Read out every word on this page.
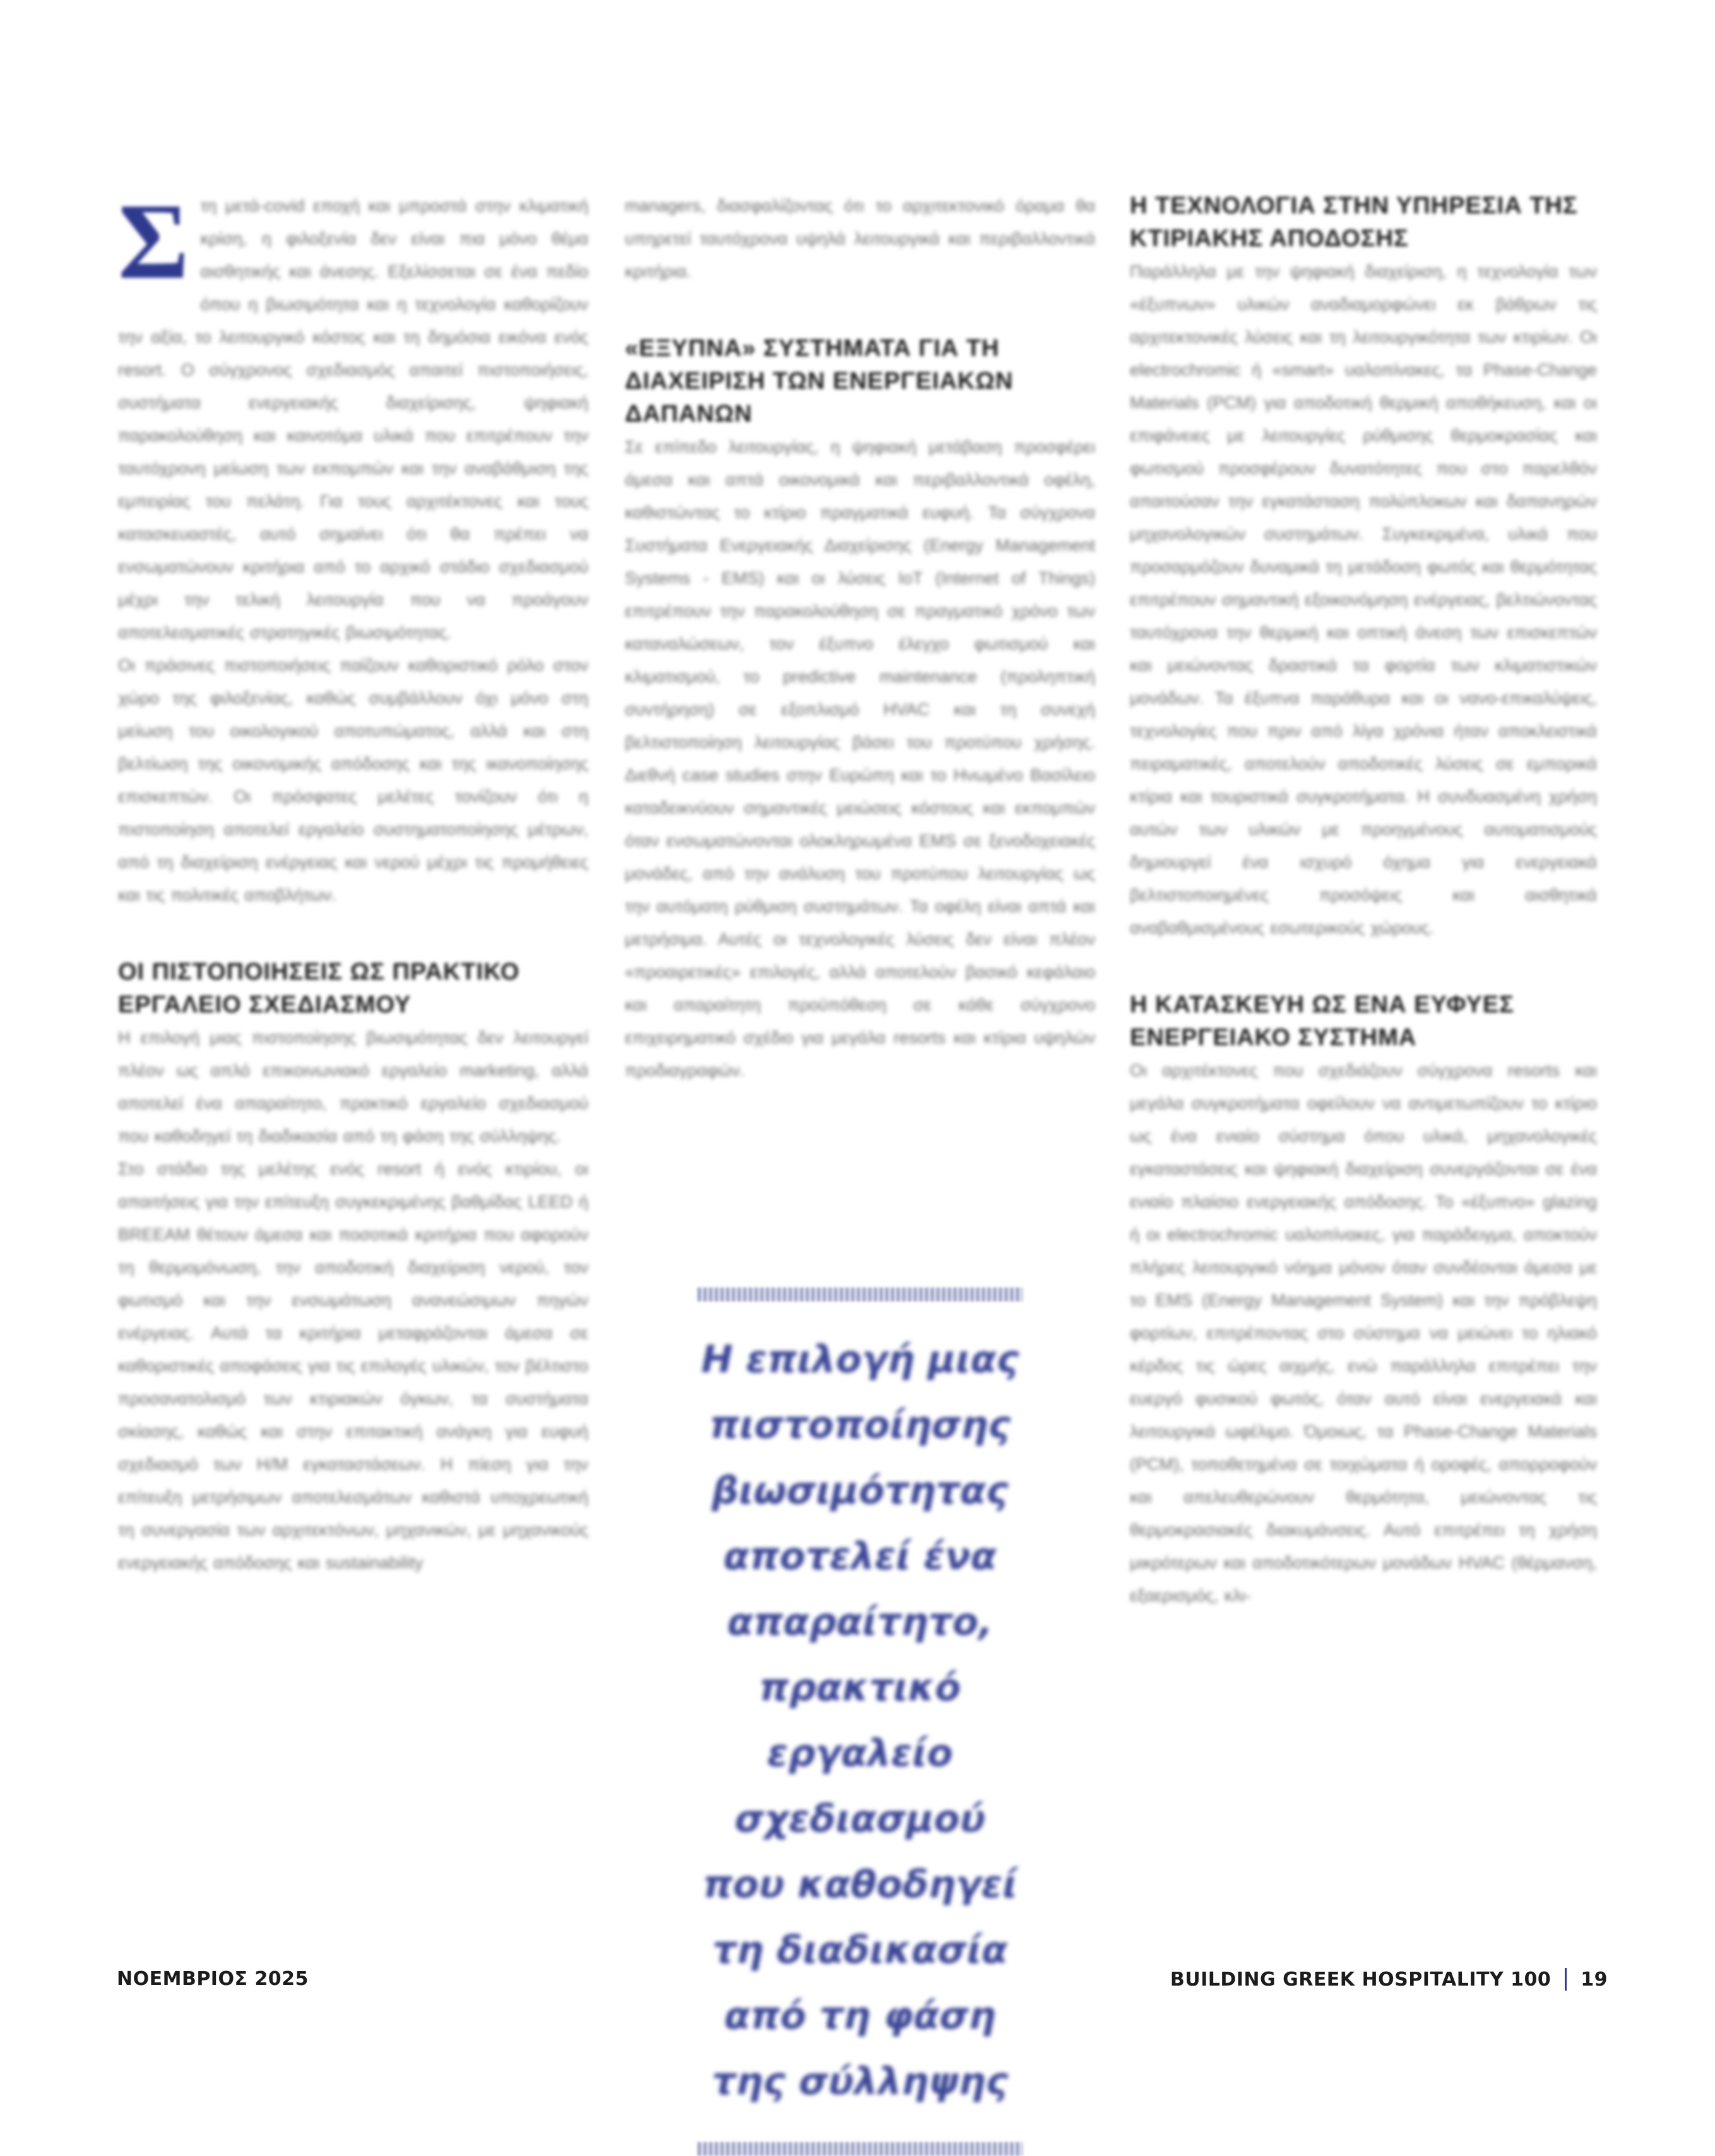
Σ τη μετά-covid εποχή και μπροστά στην κλιματική κρίση, η φιλοξενία δεν είναι πια μόνο θέμα αισθητικής και άνεσης. Εξελίσσεται σε ένα πεδίο όπου η βιωσιμότητα και η τεχνολογία καθορίζουν την αξία, το λειτουργικό κόστος και τη δημόσια εικόνα ενός resort. Ο σύγχρονος σχεδιασμός απαιτεί πιστοποιήσεις, συστήματα ενεργειακής διαχείρισης, ψηφιακή παρακολούθηση και καινοτόμα υλικά που επιτρέπουν την ταυτόχρονη μείωση των εκπομπών και την αναβάθμιση της εμπειρίας του πελάτη. Για τους αρχιτέκτονες και τους κατασκευαστές, αυτό σημαίνει ότι θα πρέπει να ενσωματώνουν κριτήρια από το αρχικό στάδιο σχεδιασμού μέχρι την τελική λειτουργία που να προάγουν αποτελεσματικές στρατηγικές βιωσιμότητας.

Οι πράσινες πιστοποιήσεις παίζουν καθοριστικό ρόλο στον χώρο της φιλοξενίας, καθώς συμβάλλουν όχι μόνο στη μείωση του οικολογικού αποτυπώματος, αλλά και στη βελτίωση της οικονομικής απόδοσης και της ικανοποίησης επισκεπτών. Οι πρόσφατες μελέτες τονίζουν ότι η πιστοποίηση αποτελεί εργαλείο συστηματοποίησης μέτρων, από τη διαχείριση ενέργειας και νερού μέχρι τις προμήθειες και τις πολιτικές αποβλήτων.

ΟΙ ΠΙΣΤΟΠΟΙΗΣΕΙΣ ΩΣ ΠΡΑΚΤΙΚΟ ΕΡΓΑΛΕΙΟ ΣΧΕΔΙΑΣΜΟΥ

Η επιλογή μιας πιστοποίησης βιωσιμότητας δεν λειτουργεί πλέον ως απλό επικοινωνιακό εργαλείο marketing, αλλά αποτελεί ένα απαραίτητο, πρακτικό εργαλείο σχεδιασμού που καθοδηγεί τη διαδικασία από τη φάση της σύλληψης.

Στο στάδιο της μελέτης ενός resort ή ενός κτιρίου, οι απαιτήσεις για την επίτευξη συγκεκριμένης βαθμίδας LEED ή BREEAM θέτουν άμεσα και ποσοτικά κριτήρια που αφορούν τη θερμομόνωση, την αποδοτική διαχείριση νερού, τον φωτισμό και την ενσωμάτωση ανανεώσιμων πηγών ενέργειας. Αυτά τα κριτήρια μεταφράζονται άμεσα σε καθοριστικές αποφάσεις για τις επιλογές υλικών, τον βέλτιστο προσανατολισμό των κτιριακών όγκων, τα συστήματα σκίασης, καθώς και στην επιτακτική ανάγκη για ευφυή σχεδιασμό των Η/Μ εγκαταστάσεων. Η πίεση για την επίτευξη μετρήσιμων αποτελεσμάτων καθιστά υποχρεωτική τη συνεργασία των αρχιτεκτόνων, μηχανικών, με μηχανικούς ενεργειακής απόδοσης και sustainability

managers, διασφαλίζοντας ότι το αρχιτεκτονικό όραμα θα υπηρετεί ταυτόχρονα υψηλά λειτουργικά και περιβαλλοντικά κριτήρια.

«ΕΞΥΠΝΑ» ΣΥΣΤΗΜΑΤΑ ΓΙΑ ΤΗ ΔΙΑΧΕΙΡΙΣΗ ΤΩΝ ΕΝΕΡΓΕΙΑΚΩΝ ΔΑΠΑΝΩΝ

Σε επίπεδο λειτουργίας, η ψηφιακή μετάβαση προσφέρει άμεσα και απτά οικονομικά και περιβαλλοντικά οφέλη, καθιστώντας το κτίριο πραγματικά ευφυή. Τα σύγχρονα Συστήματα Ενεργειακής Διαχείρισης (Energy Management Systems - EMS) και οι λύσεις IoT (Internet of Things) επιτρέπουν την παρακολούθηση σε πραγματικό χρόνο των καταναλώσεων, τον έξυπνο έλεγχο φωτισμού και κλιματισμού, το predictive maintenance (προληπτική συντήρηση) σε εξοπλισμό HVAC και τη συνεχή βελτιστοποίηση λειτουργίας βάσει του προτύπου χρήσης. Διεθνή case studies στην Ευρώπη και το Ηνωμένο Βασίλειο καταδεικνύουν σημαντικές μειώσεις κόστους και εκπομπών όταν ενσωματώνονται ολοκληρωμένα EMS σε ξενοδοχειακές μονάδες, από την ανάλυση του προτύπου λειτουργίας ως την αυτόματη ρύθμιση συστημάτων. Τα οφέλη είναι απτά και μετρήσιμα. Αυτές οι τεχνολογικές λύσεις δεν είναι πλέον «προαιρετικές» επιλογές, αλλά αποτελούν βασικό κεφάλαιο και απαραίτητη προϋπόθεση σε κάθε σύγχρονο επιχειρηματικό σχέδιο για μεγάλα resorts και κτίρια υψηλών προδιαγραφών.

Η επιλογή μιας πιστοποίησης βιωσιμότητας αποτελεί ένα απαραίτητο, πρακτικό εργαλείο σχεδιασμού που καθοδηγεί τη διαδικασία από τη φάση της σύλληψης
Η ΤΕΧΝΟΛΟΓΙΑ ΣΤΗΝ ΥΠΗΡΕΣΙΑ ΤΗΣ ΚΤΙΡΙΑΚΗΣ ΑΠΟΔΟΣΗΣ

Παράλληλα με την ψηφιακή διαχείριση, η τεχνολογία των «έξυπνων» υλικών αναδιαμορφώνει εκ βάθρων τις αρχιτεκτονικές λύσεις και τη λειτουργικότητα των κτιρίων. Οι electrochromic ή «smart» υαλοπίνακες, τα Phase-Change Materials (PCM) για αποδοτική θερμική αποθήκευση, και οι επιφάνειες με λειτουργίες ρύθμισης θερμοκρασίας και φωτισμού προσφέρουν δυνατότητες που στο παρελθόν απαιτούσαν την εγκατάσταση πολύπλοκων και δαπανηρών μηχανολογικών συστημάτων. Συγκεκριμένα, υλικά που προσαρμόζουν δυναμικά τη μετάδοση φωτός και θερμότητας επιτρέπουν σημαντική εξοικονόμηση ενέργειας, βελτιώνοντας ταυτόχρονα την θερμική και οπτική άνεση των επισκεπτών και μειώνοντας δραστικά τα φορτία των κλιματιστικών μονάδων. Τα έξυπνα παράθυρα και οι νανο-επικαλύψεις, τεχνολογίες που πριν από λίγα χρόνια ήταν αποκλειστικά πειραματικές, αποτελούν αποδοτικές λύσεις σε εμπορικά κτίρια και τουριστικά συγκροτήματα. Η συνδυασμένη χρήση αυτών των υλικών με προηγμένους αυτοματισμούς δημιουργεί ένα ισχυρό όχημα για ενεργειακά βελτιστοποιημένες προσόψεις και αισθητικά αναβαθμισμένους εσωτερικούς χώρους.

Η ΚΑΤΑΣΚΕΥΗ ΩΣ ΕΝΑ ΕΥΦΥΕΣ ΕΝΕΡΓΕΙΑΚΟ ΣΥΣΤΗΜΑ

Οι αρχιτέκτονες που σχεδιάζουν σύγχρονα resorts και μεγάλα συγκροτήματα οφείλουν να αντιμετωπίζουν το κτίριο ως ένα ενιαίο σύστημα όπου υλικά, μηχανολογικές εγκαταστάσεις και ψηφιακή διαχείριση συνεργάζονται σε ένα ενιαίο πλαίσιο ενεργειακής απόδοσης. Το «έξυπνο» glazing ή οι electrochromic υαλοπίνακες, για παράδειγμα, αποκτούν πλήρες λειτουργικό νόημα μόνον όταν συνδέονται άμεσα με το EMS (Energy Management System) και την πρόβλεψη φορτίων, επιτρέποντας στο σύστημα να μειώνει το ηλιακό κέρδος τις ώρες αιχμής, ενώ παράλληλα επιτρέπει την ευεργό φυσικού φωτός, όταν αυτό είναι ενεργειακά και λειτουργικά ωφέλιμο. Όμοιως, τα Phase-Change Materials (PCM), τοποθετημένα σε τοιχώματα ή οροφές, απορροφούν και απελευθερώνουν θερμότητα, μειώνοντας τις θερμοκρασιακές διακυμάνσεις. Αυτό επιτρέπει τη χρήση μικρότερων και αποδοτικότερων μονάδων HVAC (θέρμανση, εξαερισμός, κλι-

ΝΟΕΜΒΡΙΟΣ 2025	BUILDING GREEK HOSPITALITY 100 19
